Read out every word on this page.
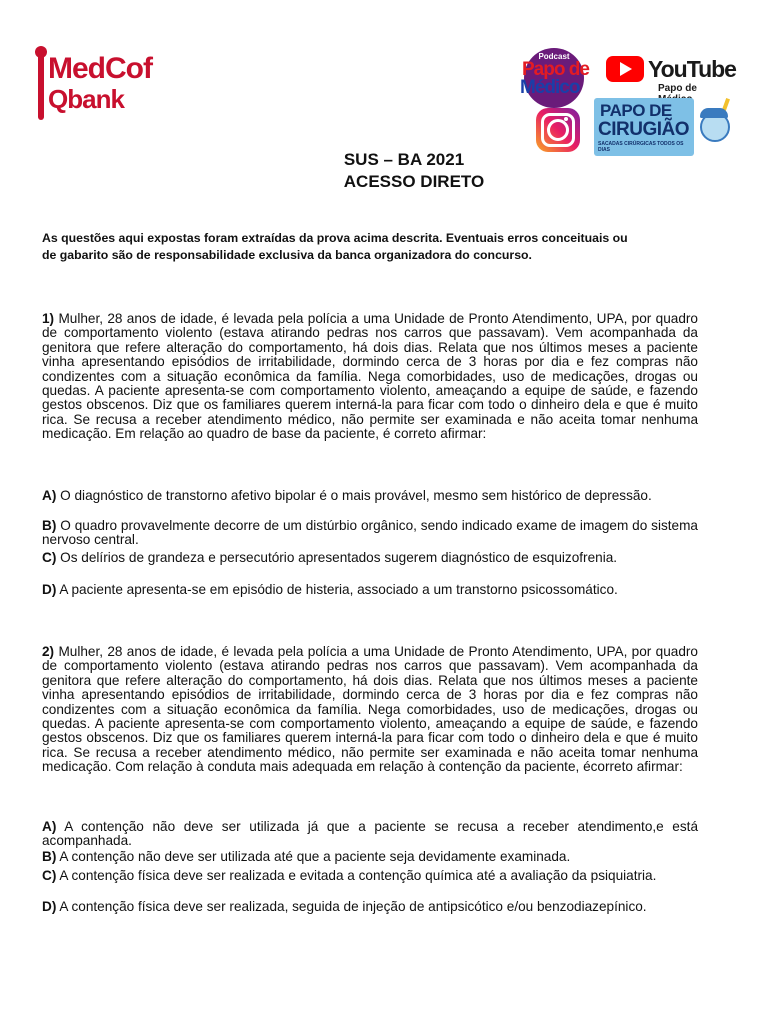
MedCof
Qbank
Podcast
Papo de
Médico
YouTube
Papo de
PAPO DE
CIRUGIÃO
SACADAS CIRÚRGICAS TODOS OS DIAS
SUS – BA 2021
ACESSO DIRETO
As questões aqui expostas foram extraídas da prova acima descrita. Eventuais erros conceituais ou de gabarito são de responsabilidade exclusiva da banca organizadora do concurso.
1) Mulher, 28 anos de idade, é levada pela polícia a uma Unidade de Pronto Atendimento, UPA, por quadro de comportamento violento (estava atirando pedras nos carros que passavam). Vem acompanhada da genitora que refere alteração do comportamento, há dois dias. Relata que nos últimos meses a paciente vinha apresentando episódios de irritabilidade, dormindo cerca de 3 horas por dia e fez compras não condizentes com a situação econômica da família. Nega comorbidades, uso de medicações, drogas ou quedas. A paciente apresenta-se com comportamento violento, ameaçando a equipe de saúde, e fazendo gestos obscenos. Diz que os familiares querem interná-la para ficar com todo o dinheiro dela e que é muito rica. Se recusa a receber atendimento médico, não permite ser examinada e não aceita tomar nenhuma medicação. Em relação ao quadro de base da paciente, é correto afirmar:
A) O diagnóstico de transtorno afetivo bipolar é o mais provável, mesmo sem histórico de depressão.
B) O quadro provavelmente decorre de um distúrbio orgânico, sendo indicado exame de imagem do sistema nervoso central.
C) Os delírios de grandeza e persecutório apresentados sugerem diagnóstico de esquizofrenia.
D) A paciente apresenta-se em episódio de histeria, associado a um transtorno psicossomático.
2) Mulher, 28 anos de idade, é levada pela polícia a uma Unidade de Pronto Atendimento, UPA, por quadro de comportamento violento (estava atirando pedras nos carros que passavam). Vem acompanhada da genitora que refere alteração do comportamento, há dois dias. Relata que nos últimos meses a paciente vinha apresentando episódios de irritabilidade, dormindo cerca de 3 horas por dia e fez compras não condizentes com a situação econômica da família. Nega comorbidades, uso de medicações, drogas ou quedas. A paciente apresenta-se com comportamento violento, ameaçando a equipe de saúde, e fazendo gestos obscenos. Diz que os familiares querem interná-la para ficar com todo o dinheiro dela e que é muito rica. Se recusa a receber atendimento médico, não permite ser examinada e não aceita tomar nenhuma medicação. Com relação à conduta mais adequada em relação à contenção da paciente, écorreto afirmar:
A) A contenção não deve ser utilizada já que a paciente se recusa a receber atendimento,e está acompanhada.
B) A contenção não deve ser utilizada até que a paciente seja devidamente examinada.
C) A contenção física deve ser realizada e evitada a contenção química até a avaliação da psiquiatria.
D) A contenção física deve ser realizada, seguida de injeção de antipsicótico e/ou benzodiazepínico.
